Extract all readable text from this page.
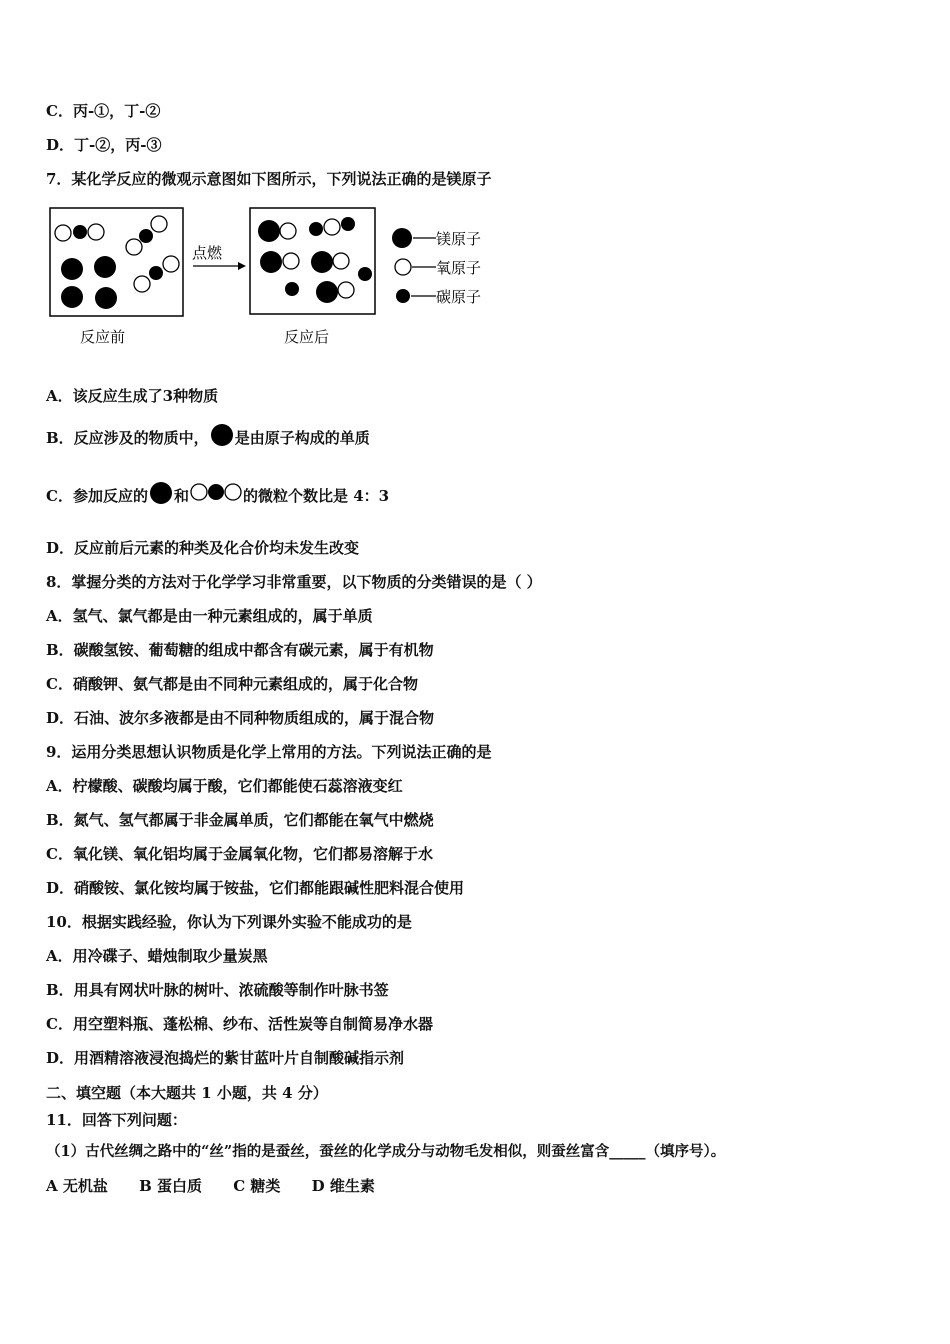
C．丙-①，丁-②
D．丁-②，丙-③
7．某化学反应的微观示意图如下图所示，下列说法正确的是镁原子
点燃
反应前	反应后
镁原子
氧原子
碳原子
A．该反应生成了3种物质
B．反应涉及的物质中， 是由原子构成的单质
C．参加反应的 和	的微粒个数比是 4：3
D．反应前后元素的种类及化合价均未发生改变
8．掌握分类的方法对于化学学习非常重要，以下物质的分类错误的是（ ）
A．氢气、氯气都是由一种元素组成的，属于单质
B．碳酸氢铵、葡萄糖的组成中都含有碳元素，属于有机物
C．硝酸钾、氨气都是由不同种元素组成的，属于化合物
D．石油、波尔多液都是由不同种物质组成的，属于混合物
9．运用分类思想认识物质是化学上常用的方法。下列说法正确的是
A．柠檬酸、碳酸均属于酸，它们都能使石蕊溶液变红
B．氮气、氢气都属于非金属单质，它们都能在氧气中燃烧
C．氧化镁、氧化铝均属于金属氧化物，它们都易溶解于水
D．硝酸铵、氯化铵均属于铵盐，它们都能跟碱性肥料混合使用
10．根据实践经验，你认为下列课外实验不能成功的是
A．用冷碟子、蜡烛制取少量炭黑
B．用具有网状叶脉的树叶、浓硫酸等制作叶脉书签
C．用空塑料瓶、蓬松棉、纱布、活性炭等自制简易净水器
D．用酒精溶液浸泡捣烂的紫甘蓝叶片自制酸碱指示剂
二、填空题（本大题共 1 小题，共 4 分）
11．回答下列问题：
（1）古代丝绸之路中的“丝”指的是蚕丝，蚕丝的化学成分与动物毛发相似，则蚕丝富含_____（填序号）。
A 无机盐 B 蛋白质 C 糖类 D 维生素
